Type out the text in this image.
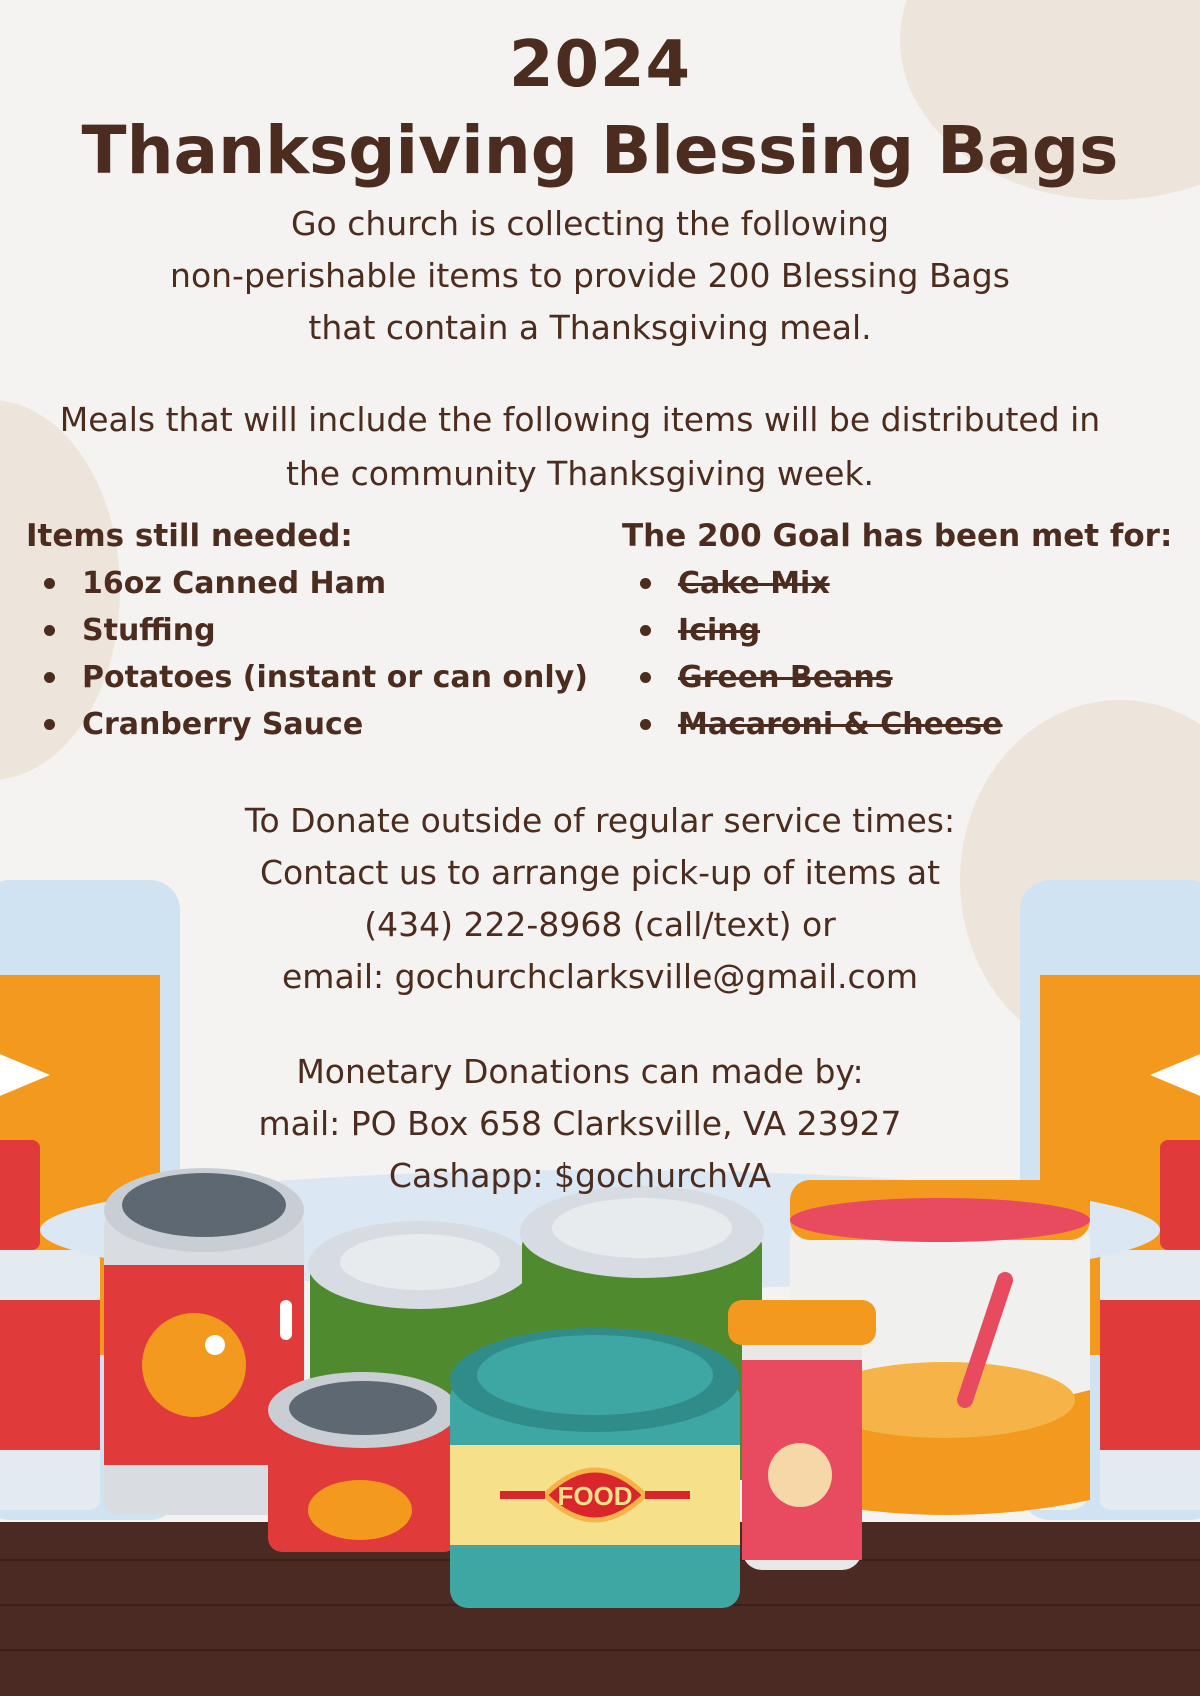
2024
Thanksgiving Blessing Bags
Go church is collecting the following
non-perishable items to provide 200 Blessing Bags
that contain a Thanksgiving meal.
Meals that will include the following items will be distributed in
the community Thanksgiving week.
Items still needed:
16oz Canned Ham
Stuffing
Potatoes (instant or can only)
Cranberry Sauce
The 200 Goal has been met for:
Cake Mix
Icing
Green Beans
Macaroni & Cheese
FOOD
To Donate outside of regular service times:
Contact us to arrange pick-up of items at
(434) 222-8968 (call/text) or
email: gochurchclarksville@gmail.com
Monetary Donations can made by:
mail: PO Box 658 Clarksville, VA 23927
Cashapp: $gochurchVA
